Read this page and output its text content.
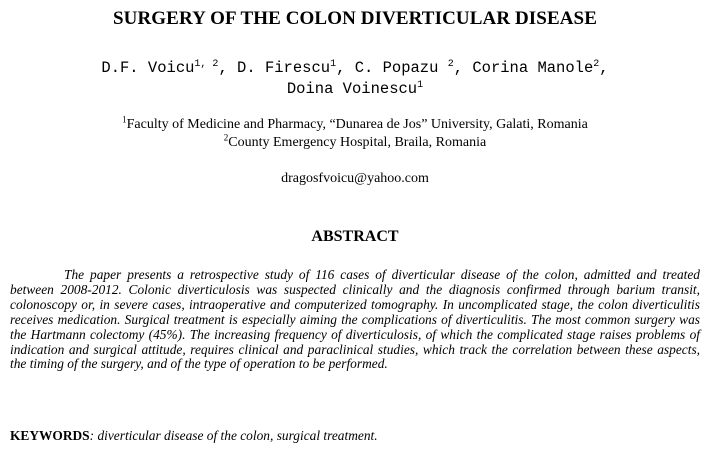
SURGERY OF THE COLON DIVERTICULAR DISEASE
D.F. Voicu$^{1, 2}$, D. Firescu$^1$, C. Popazu $^2$, Corina Manole$^2$,
Doina Voinescu$^1$
$^1$Faculty of Medicine and Pharmacy, “Dunarea de Jos” University, Galati, Romania
$^2$County Emergency Hospital, Braila, Romania
dragosfvoicu@yahoo.com
ABSTRACT

The paper presents a retrospective study of 116 cases of diverticular disease of the colon, admitted and treated between 2008-2012. Colonic diverticulosis was suspected clinically and the diagnosis confirmed through barium transit, colonoscopy or, in severe cases, intraoperative and computerized tomography. In uncomplicated stage, the colon diverticulitis receives medication. Surgical treatment is especially aiming the complications of diverticulitis. The most common surgery was the Hartmann colectomy (45%). The increasing frequency of diverticulosis, of which the complicated stage raises problems of indication and surgical attitude, requires clinical and paraclinical studies, which track the correlation between these aspects, the timing of the surgery, and of the type of operation to be performed.

KEYWORDS: diverticular disease of the colon, surgical treatment.
